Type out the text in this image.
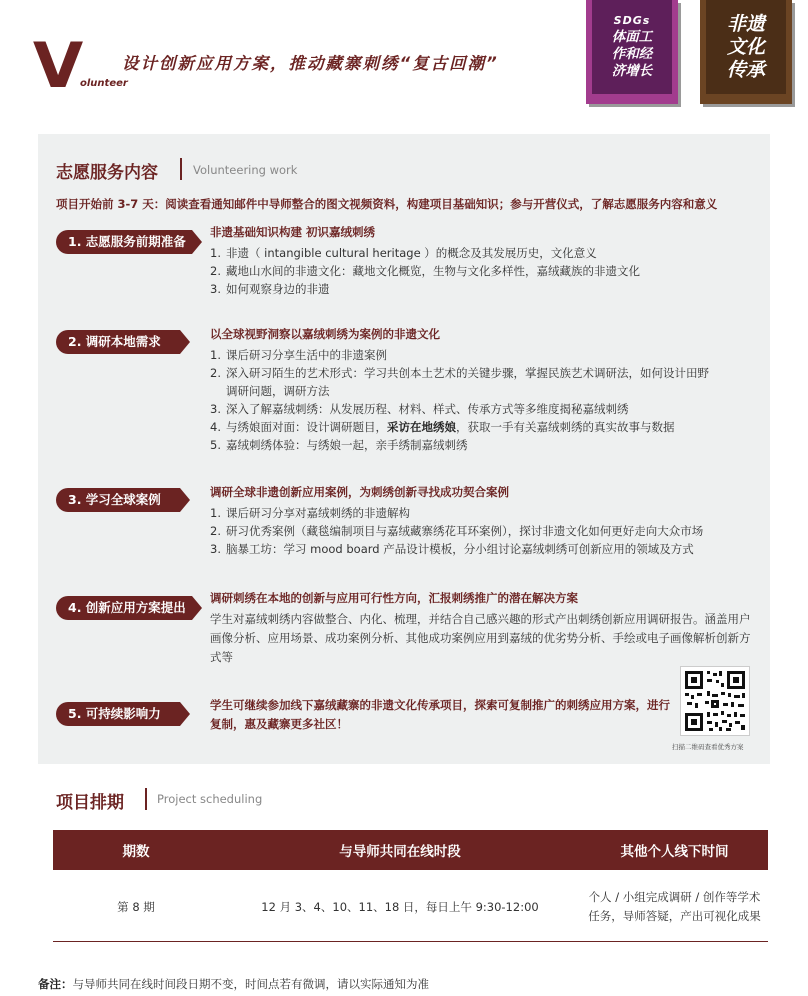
V
olunteer
设计创新应用方案，推动藏寨刺绣“复古回潮”
SDGs
体面工
作和经
济增长
非遗
文化
传承
志愿服务内容	Volunteering work
项目开始前 3-7 天：阅读查看通知邮件中导师整合的图文视频资料，构建项目基础知识；参与开营仪式，了解志愿服务内容和意义
1. 志愿服务前期准备
非遗基础知识构建 初识嘉绒刺绣
1. 非遗（ intangible cultural heritage ）的概念及其发展历史，文化意义
2. 藏地山水间的非遗文化：藏地文化概览，生物与文化多样性，嘉绒藏族的非遗文化
3. 如何观察身边的非遗
2. 调研本地需求	以全球视野洞察以嘉绒刺绣为案例的非遗文化
1. 课后研习分享生活中的非遗案例
2. 深入研习陌生的艺术形式：学习共创本土艺术的关键步骤，掌握民族艺术调研法，如何设计田野
调研问题，调研方法
3. 深入了解嘉绒刺绣：从发展历程、材料、样式、传承方式等多维度揭秘嘉绒刺绣
4. 与绣娘面对面：设计调研题目，采访在地绣娘，获取一手有关嘉绒刺绣的真实故事与数据
5. 嘉绒刺绣体验：与绣娘一起，亲手绣制嘉绒刺绣
3. 学习全球案例	调研全球非遗创新应用案例，为刺绣创新寻找成功契合案例
1. 课后研习分享对嘉绒刺绣的非遗解构
2. 研习优秀案例（藏毯编制项目与嘉绒藏寨绣花耳环案例），探讨非遗文化如何更好走向大众市场
3. 脑暴工坊：学习 mood board 产品设计模板，分小组讨论嘉绒刺绣可创新应用的领域及方式
4. 创新应用方案提出
调研刺绣在本地的创新与应用可行性方向，汇报刺绣推广的潜在解决方案
学生对嘉绒刺绣内容做整合、内化、梳理，并结合自己感兴趣的形式产出刺绣创新应用调研报告。涵盖用户画像分析、应用场景、成功案例分析、其他成功案例应用到嘉绒的优劣势分析、手绘或电子画像解析创新方式等
5. 可持续影响力
学生可继续参加线下嘉绒藏寨的非遗文化传承项目，探索可复制推广的刺绣应用方案，进行复制，惠及藏寨更多社区！
扫描二维码查看优秀方案
项目排期	Project scheduling
期数	与导师共同在线时段	其他个人线下时间
第 8 期	12 月 3、4、10、11、18 日，每日上午 9:30-12:00
个人 / 小组完成调研 / 创作等学术
任务，导师答疑，产出可视化成果
备注：与导师共同在线时间段日期不变，时间点若有微调，请以实际通知为准
